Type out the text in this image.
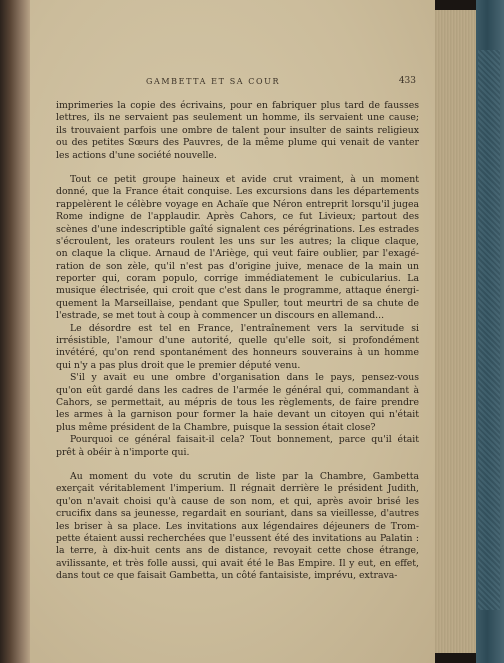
GAMBETTA ET SA COUR	433
imprimeries la copie des écrivains, pour en fabriquer plus tard de fausses
lettres, ils ne servaient pas seulement un homme, ils servaient une cause;
ils trouvaient parfois une ombre de talent pour insulter de saints religieux
ou des petites Sœurs des Pauvres, de la même plume qui venait de vanter
les actions d'une société nouvelle.
Tout ce petit groupe haineux et avide crut vraiment, à un moment
donné, que la France était conquise. Les excursions dans les départements
rappelèrent le célèbre voyage en Achaïe que Néron entreprit lorsqu'il jugea
Rome indigne de l'applaudir. Après Cahors, ce fut Livieux; partout des
scènes d'une indescriptible gaîté signalent ces pérégrinations. Les estrades
s'écroulent, les orateurs roulent les uns sur les autres; la clique claque,
on claque la clique. Arnaud de l'Ariège, qui veut faire oublier, par l'exagé-
ration de son zèle, qu'il n'est pas d'origine juive, menace de la main un
reporter qui, coram populo, corrige immédiatement le cubicularius. La
musique électrisée, qui croit que c'est dans le programme, attaque énergi-
quement la Marseillaise, pendant que Spuller, tout meurtri de sa chute de
l'estrade, se met tout à coup à commencer un discours en allemand...
Le désordre est tel en France, l'entraînement vers la servitude si
irrésistible, l'amour d'une autorité, quelle qu'elle soit, si profondément
invétéré, qu'on rend spontanément des honneurs souverains à un homme
qui n'y a pas plus droit que le premier député venu.
S'il y avait eu une ombre d'organisation dans le pays, pensez-vous
qu'on eût gardé dans les cadres de l'armée le général qui, commandant à
Cahors, se permettait, au mépris de tous les règlements, de faire prendre
les armes à la garnison pour former la haie devant un citoyen qui n'était
plus même président de la Chambre, puisque la session était close?
Pourquoi ce général faisait-il cela? Tout bonnement, parce qu'il était
prêt à obéir à n'importe qui.
Au moment du vote du scrutin de liste par la Chambre, Gambetta
exerçait véritablement l'imperium. Il régnait derrière le président Judith,
qu'on n'avait choisi qu'à cause de son nom, et qui, après avoir brisé les
crucifix dans sa jeunesse, regardait en souriant, dans sa vieillesse, d'autres
les briser à sa place. Les invitations aux légendaires déjeuners de Trom-
pette étaient aussi recherchées que l'eussent été des invitations au Palatin :
la terre, à dix-huit cents ans de distance, revoyait cette chose étrange,
avilissante, et très folle aussi, qui avait été le Bas Empire. Il y eut, en effet,
dans tout ce que faisait Gambetta, un côté fantaisiste, imprévu, extrava-
